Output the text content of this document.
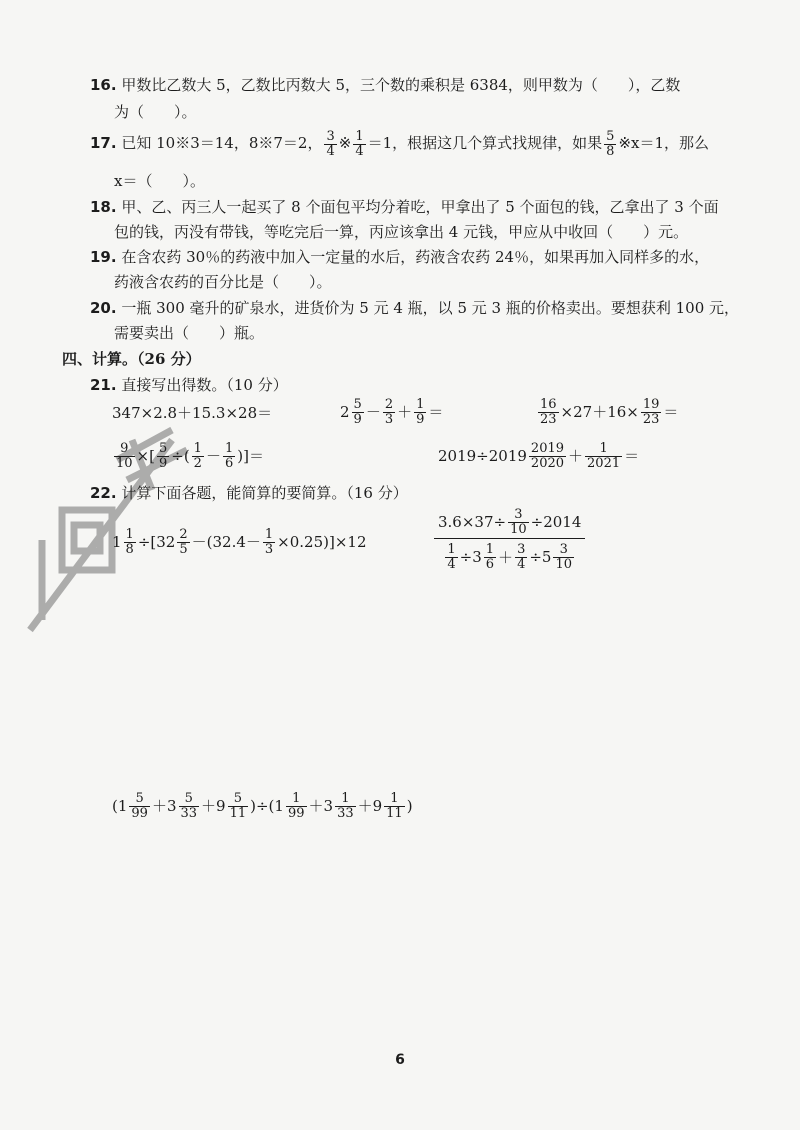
16. 甲数比乙数大 5，乙数比丙数大 5，三个数的乘积是 6384，则甲数为（　　），乙数
为（　　）。
17. 已知 10※3＝14，8※7＝2， $\frac{3}{4}$ ※ $\frac{1}{4} =1$，根据这几个算式找规律，如果 $\frac{5}{8}$ ※x＝1，那么
x＝（　　）。
18. 甲、乙、丙三人一起买了 8 个面包平均分着吃，甲拿出了 5 个面包的钱，乙拿出了 3 个面
包的钱，丙没有带钱，等吃完后一算，丙应该拿出 4 元钱，甲应从中收回（　　）元。
19. 在含农药 30％的药液中加入一定量的水后，药液含农药 24％，如果再加入同样多的水，
药液含农药的百分比是（　　）。
20. 一瓶 300 毫升的矿泉水，进货价为 5 元 4 瓶，以 5 元 3 瓶的价格卖出。要想获利 100 元，
需要卖出（　　）瓶。
四、计算。（26 分）
21. 直接写出得数。（10 分）
347×2.8＋15.3×28＝	$2 \frac{5}{9} - \frac{2}{3} + \frac{1}{9}$ ＝	$\frac{16}{23} \times 27+16\times \frac{19}{23}$ ＝
$\frac{9}{10}$ ×[ $\frac{5}{9}$ ÷( $\frac{1}{2} - \frac{1}{6}$ )]＝	$2019\div 2019 \frac{2019}{2020} + \frac{1}{2021}$ ＝
22. 计算下面各题，能简算的要简算。（16 分）
$1 \frac{1}{8} \div[32 \frac{2}{5} -(32.4- \frac{1}{3} \times 0.25)]\times 12$	$\frac{3.6\times 37\div \frac{3}{10} \div 2014}{\frac{1}{4} \div 3 \frac{1}{6} + \frac{3}{4} \div 5 \frac{3}{10}}$
$(1 \frac{5}{99} +3 \frac{5}{33} +9 \frac{5}{11} )\div(1 \frac{1}{99} +3 \frac{1}{33} +9 \frac{1}{11}$ )
6
